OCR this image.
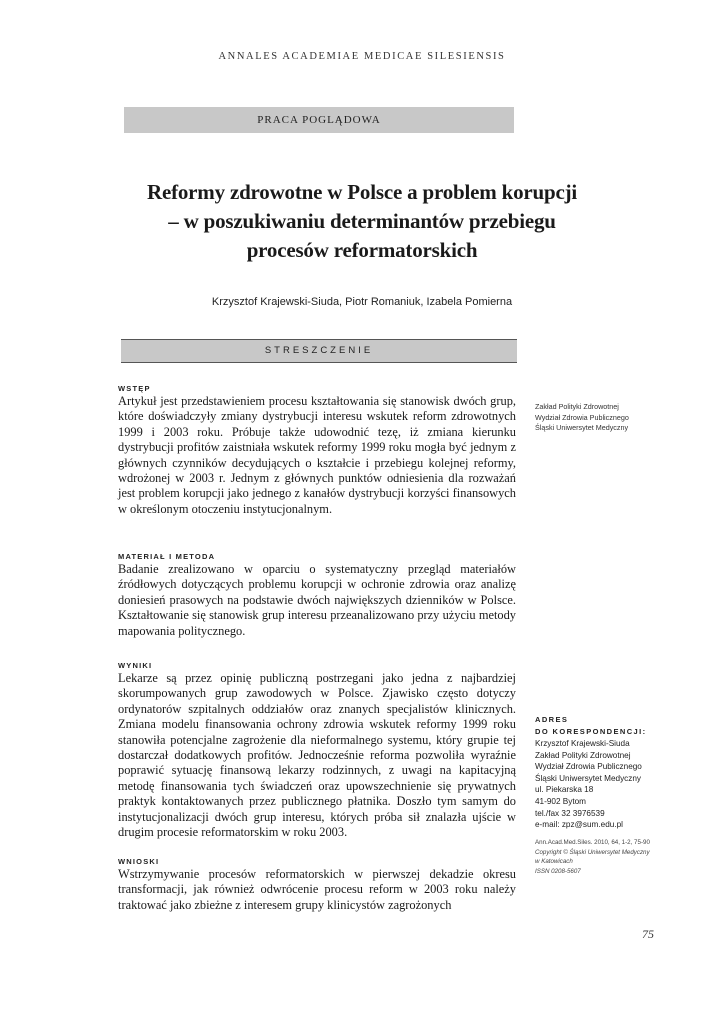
ANNALES ACADEMIAE MEDICAE SILESIENSIS
PRACA POGLĄDOWA
Reformy zdrowotne w Polsce a problem korupcji
– w poszukiwaniu determinantów przebiegu
procesów reformatorskich
Krzysztof Krajewski-Siuda, Piotr Romaniuk, Izabela Pomierna
STRESZCZENIE
WSTĘP
Artykuł jest przedstawieniem procesu kształtowania się stanowisk dwóch grup, które doświadczyły zmiany dystrybucji interesu wskutek reform zdrowotnych 1999 i 2003 roku. Próbuje także udowodnić tezę, iż zmiana kierunku dystrybucji profitów zaistniała wskutek reformy 1999 roku mogła być jednym z głównych czynników decydujących o kształcie i przebiegu kolejnej reformy, wdrożonej w 2003 r. Jednym z głównych punktów odniesienia dla rozważań jest problem korupcji jako jednego z kanałów dystrybucji korzyści finansowych w określonym otoczeniu instytucjonalnym.
MATERIAŁ I METODA
Badanie zrealizowano w oparciu o systematyczny przegląd materiałów źródłowych dotyczących problemu korupcji w ochronie zdrowia oraz analizę doniesień prasowych na podstawie dwóch największych dzienników w Polsce. Kształtowanie się stanowisk grup interesu przeanalizowano przy użyciu metody mapowania politycznego.
WYNIKI
Lekarze są przez opinię publiczną postrzegani jako jedna z najbardziej skorumpowanych grup zawodowych w Polsce. Zjawisko często dotyczy ordynatorów szpitalnych oddziałów oraz znanych specjalistów klinicznych. Zmiana modelu finansowania ochrony zdrowia wskutek reformy 1999 roku stanowiła potencjalne zagrożenie dla nieformalnego systemu, który grupie tej dostarczał dodatkowych profitów. Jednocześnie reforma pozwoliła wyraźnie poprawić sytuację finansową lekarzy rodzinnych, z uwagi na kapitacyjną metodę finansowania tych świadczeń oraz upowszechnienie się prywatnych praktyk kontaktowanych przez publicznego płatnika. Doszło tym samym do instytucjonalizacji dwóch grup interesu, których próba sił znalazła ujście w drugim procesie reformatorskim w roku 2003.
WNIOSKI
Wstrzymywanie procesów reformatorskich w pierwszej dekadzie okresu transformacji, jak również odwrócenie procesu reform w 2003 roku należy traktować jako zbieżne z interesem grupy klinicystów zagrożonych
Zakład Polityki Zdrowotnej
Wydział Zdrowia Publicznego
Śląski Uniwersytet Medyczny
ADRES
DO KORESPONDENCJI:
Krzysztof Krajewski-Siuda
Zakład Polityki Zdrowotnej
Wydział Zdrowia Publicznego
Śląski Uniwersytet Medyczny
ul. Piekarska 18
41-902 Bytom
tel./fax 32 3976539
e-mail: zpz@sum.edu.pl
Ann.Acad.Med.Siles. 2010, 64, 1-2, 75-90
Copyright © Śląski Uniwersytet Medyczny
w Katowicach
ISSN 0208-5607
75
